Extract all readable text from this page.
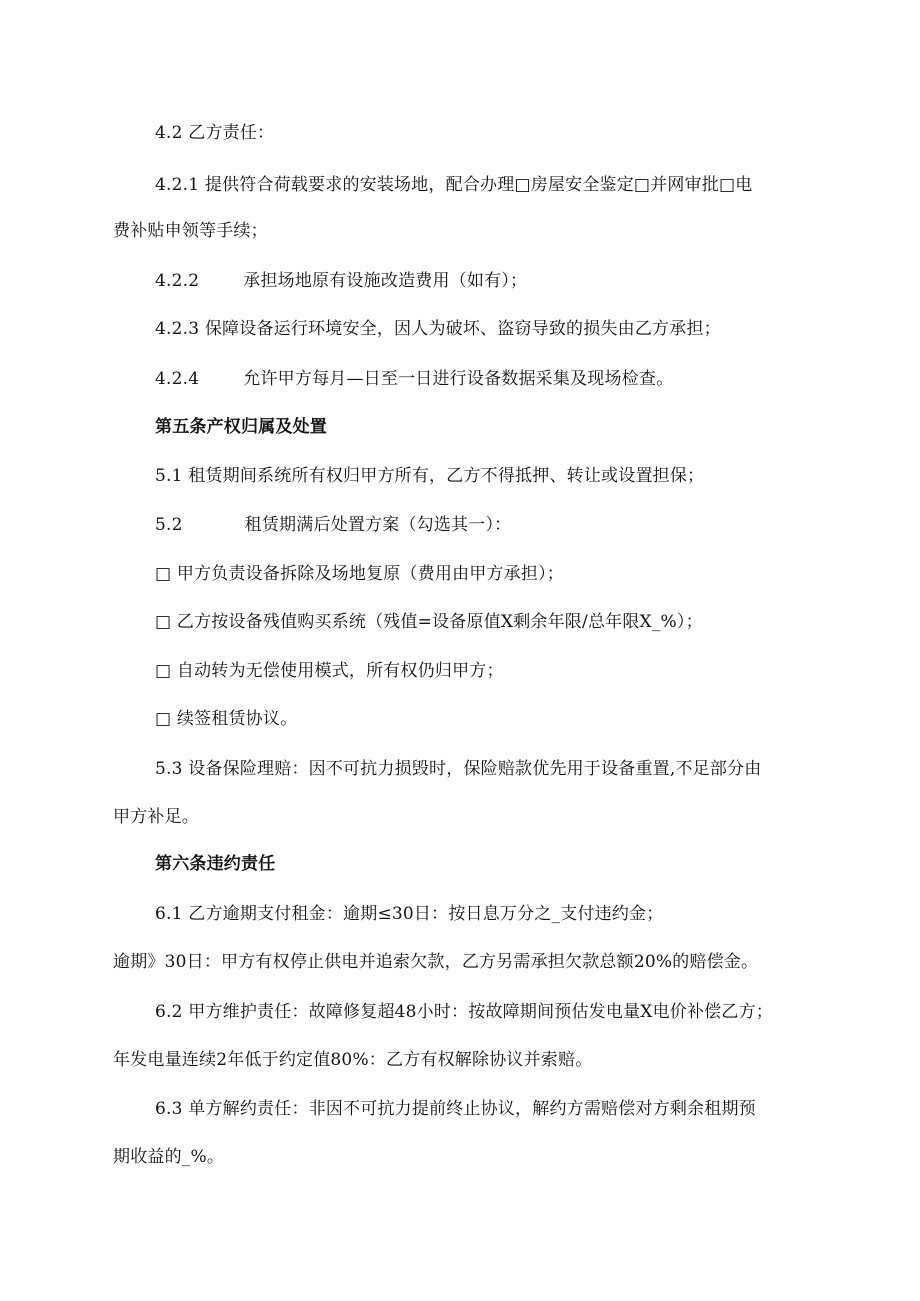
4.2 乙方责任：
4.2.1 提供符合荷载要求的安装场地，配合办理□房屋安全鉴定□并网审批□电
费补贴申领等手续；
4.2.2	承担场地原有设施改造费用（如有）；
4.2.3 保障设备运行环境安全，因人为破坏、盗窃导致的损失由乙方承担；
4.2.4	允许甲方每月—日至一日进行设备数据采集及现场检查。
第五条产权归属及处置
5.1 租赁期间系统所有权归甲方所有，乙方不得抵押、转让或设置担保；
5.2	租赁期满后处置方案（勾选其一）：
□ 甲方负责设备拆除及场地复原（费用由甲方承担）；
□ 乙方按设备残值购买系统（残值=设备原值X剩余年限/总年限X_%）；
□ 自动转为无偿使用模式，所有权仍归甲方；
□ 续签租赁协议。
5.3 设备保险理赔：因不可抗力损毁时，保险赔款优先用于设备重置,不足部分由
甲方补足。
第六条违约责任
6.1 乙方逾期支付租金：逾期≤30日：按日息万分之_支付违约金；
逾期》30日：甲方有权停止供电并追索欠款，乙方另需承担欠款总额20%的赔偿金。
6.2 甲方维护责任：故障修复超48小时：按故障期间预估发电量X电价补偿乙方；
年发电量连续2年低于约定值80%：乙方有权解除协议并索赔。
6.3 单方解约责任：非因不可抗力提前终止协议，解约方需赔偿对方剩余租期预
期收益的_%。
